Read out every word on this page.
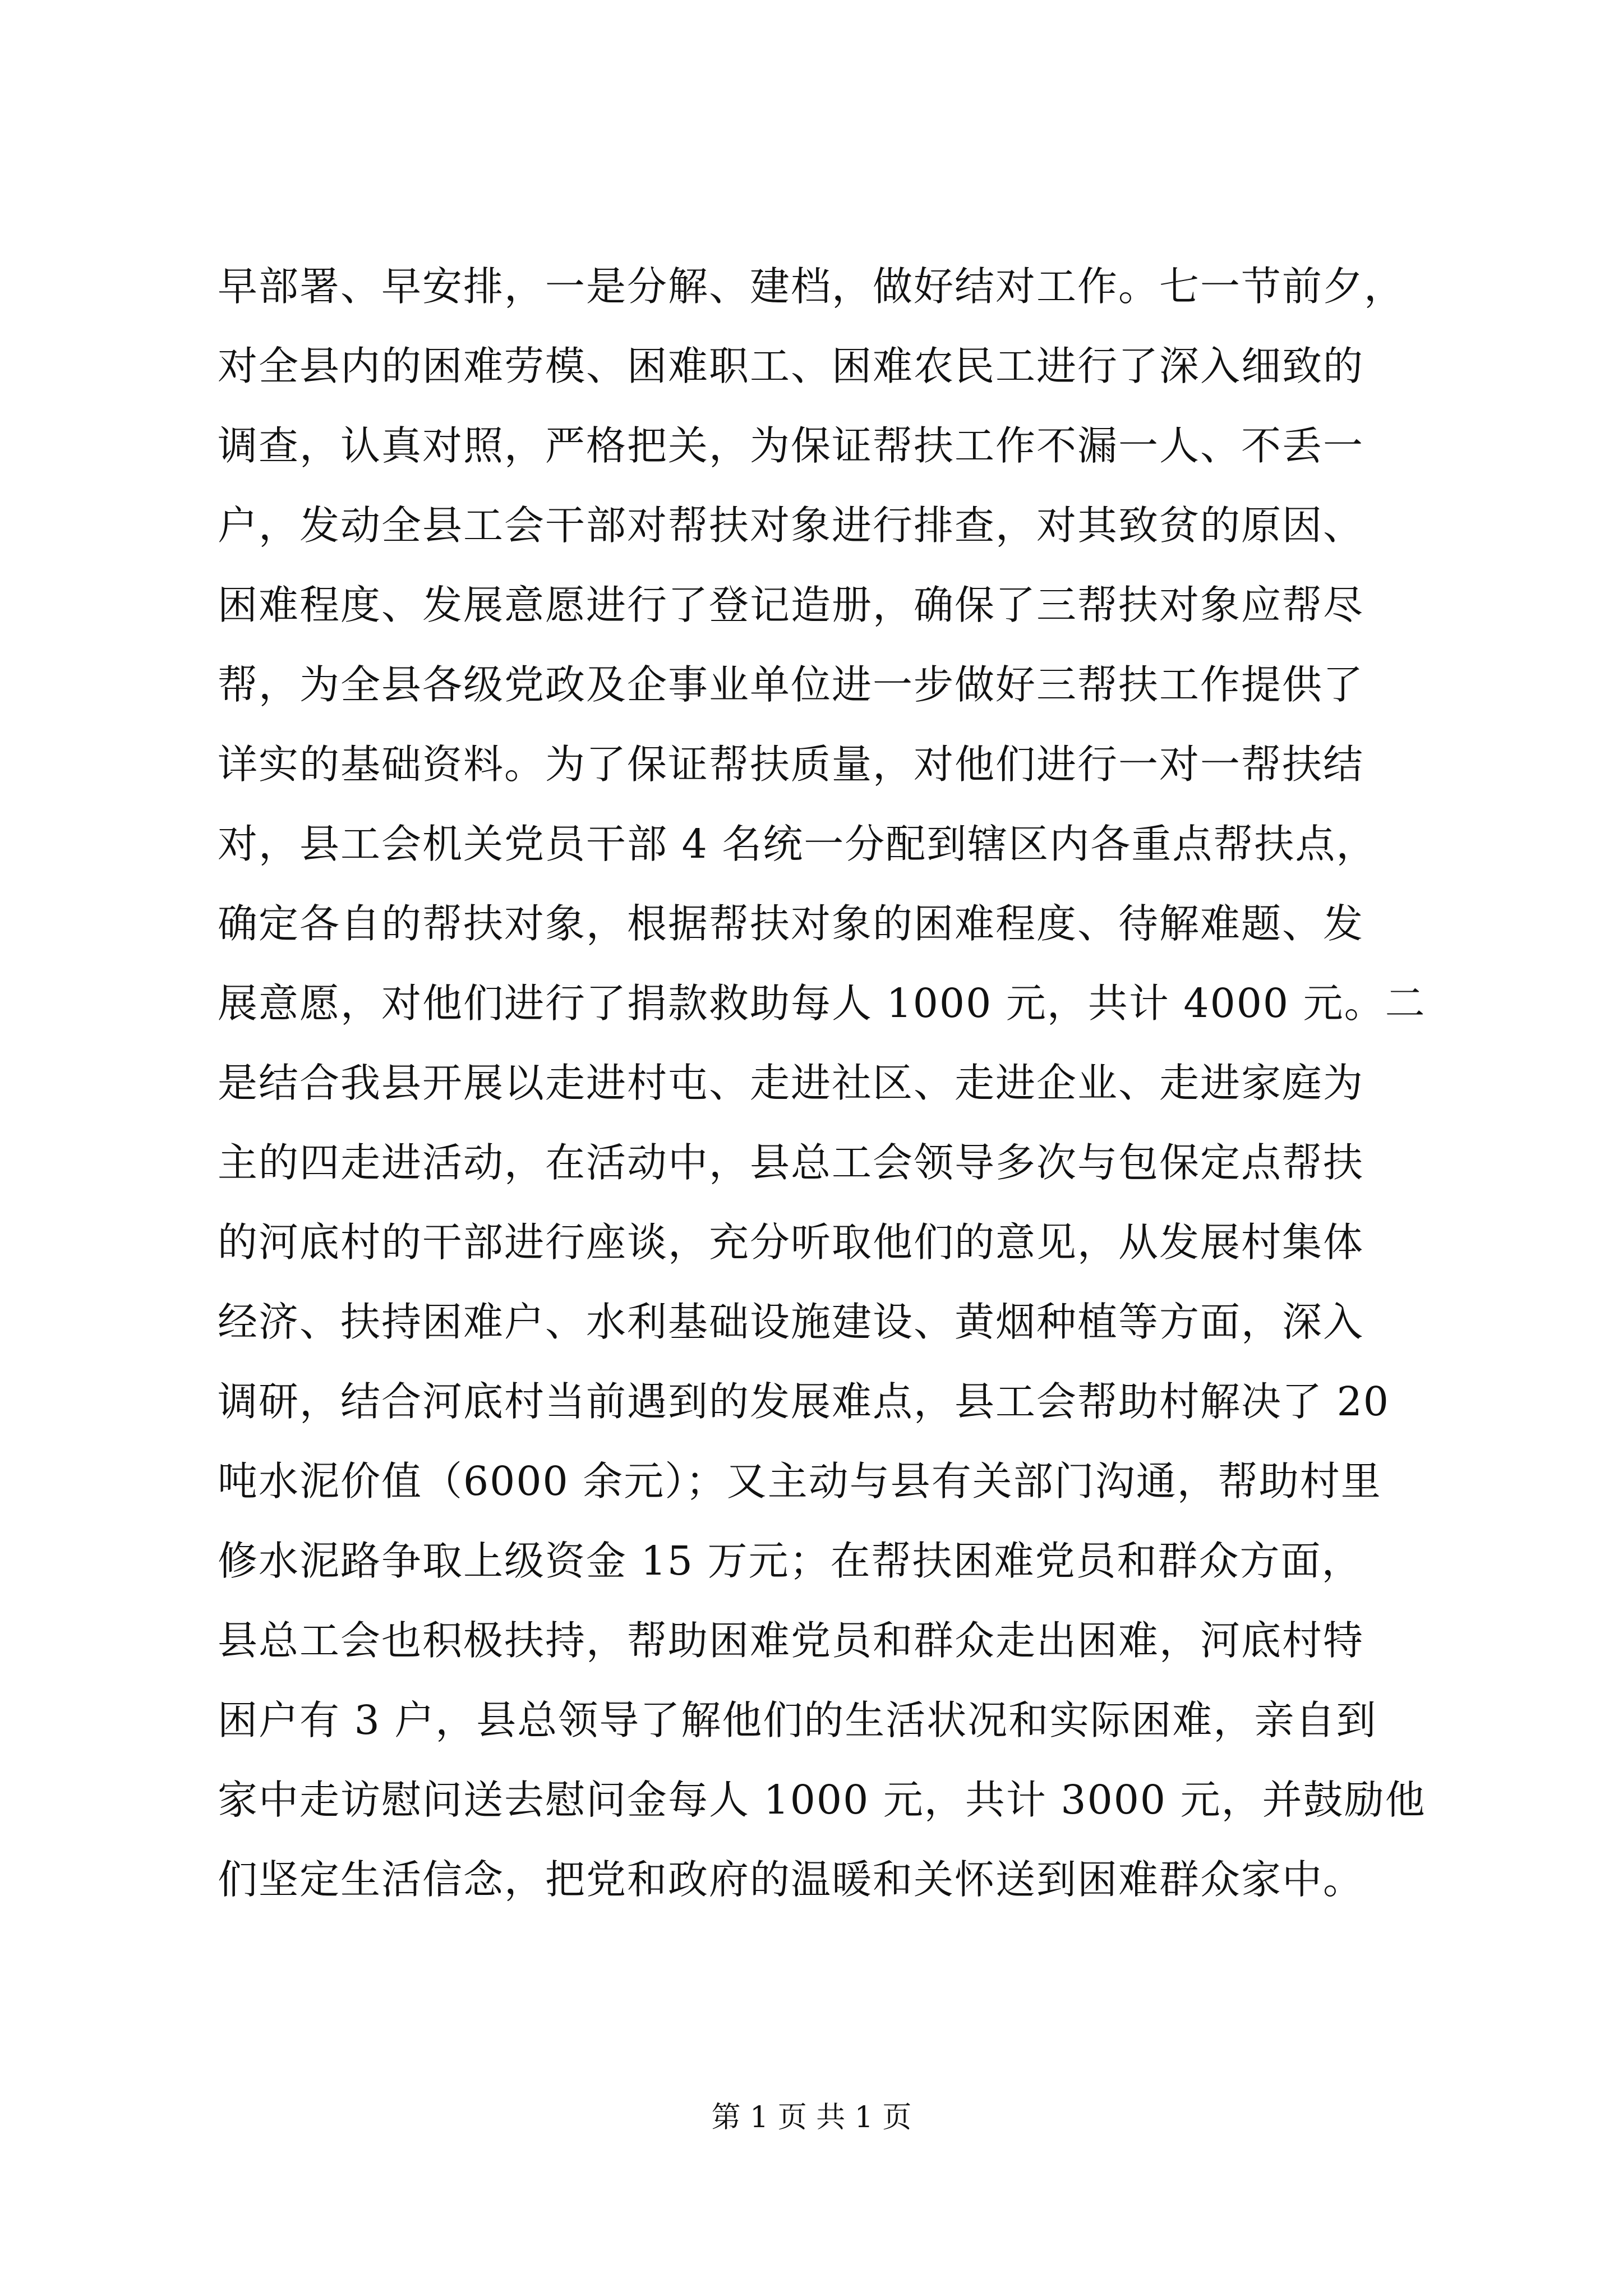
早部署、早安排，一是分解、建档，做好结对工作。七一节前夕，
对全县内的困难劳模、困难职工、困难农民工进行了深入细致的
调查，认真对照，严格把关，为保证帮扶工作不漏一人、不丢一
户，发动全县工会干部对帮扶对象进行排查，对其致贫的原因、
困难程度、发展意愿进行了登记造册，确保了三帮扶对象应帮尽
帮，为全县各级党政及企事业单位进一步做好三帮扶工作提供了
详实的基础资料。为了保证帮扶质量，对他们进行一对一帮扶结
对，县工会机关党员干部 4 名统一分配到辖区内各重点帮扶点，
确定各自的帮扶对象，根据帮扶对象的困难程度、待解难题、发
展意愿，对他们进行了捐款救助每人 1000 元，共计 4000 元。二
是结合我县开展以走进村屯、走进社区、走进企业、走进家庭为
主的四走进活动，在活动中，县总工会领导多次与包保定点帮扶
的河底村的干部进行座谈，充分听取他们的意见，从发展村集体
经济、扶持困难户、水利基础设施建设、黄烟种植等方面，深入
调研，结合河底村当前遇到的发展难点，县工会帮助村解决了 20
吨水泥价值（6000 余元）；又主动与县有关部门沟通，帮助村里
修水泥路争取上级资金 15 万元；在帮扶困难党员和群众方面，
县总工会也积极扶持，帮助困难党员和群众走出困难，河底村特
困户有 3 户，县总领导了解他们的生活状况和实际困难，亲自到
家中走访慰问送去慰问金每人 1000 元，共计 3000 元，并鼓励他
们坚定生活信念，把党和政府的温暖和关怀送到困难群众家中。
第 1 页 共 1 页
